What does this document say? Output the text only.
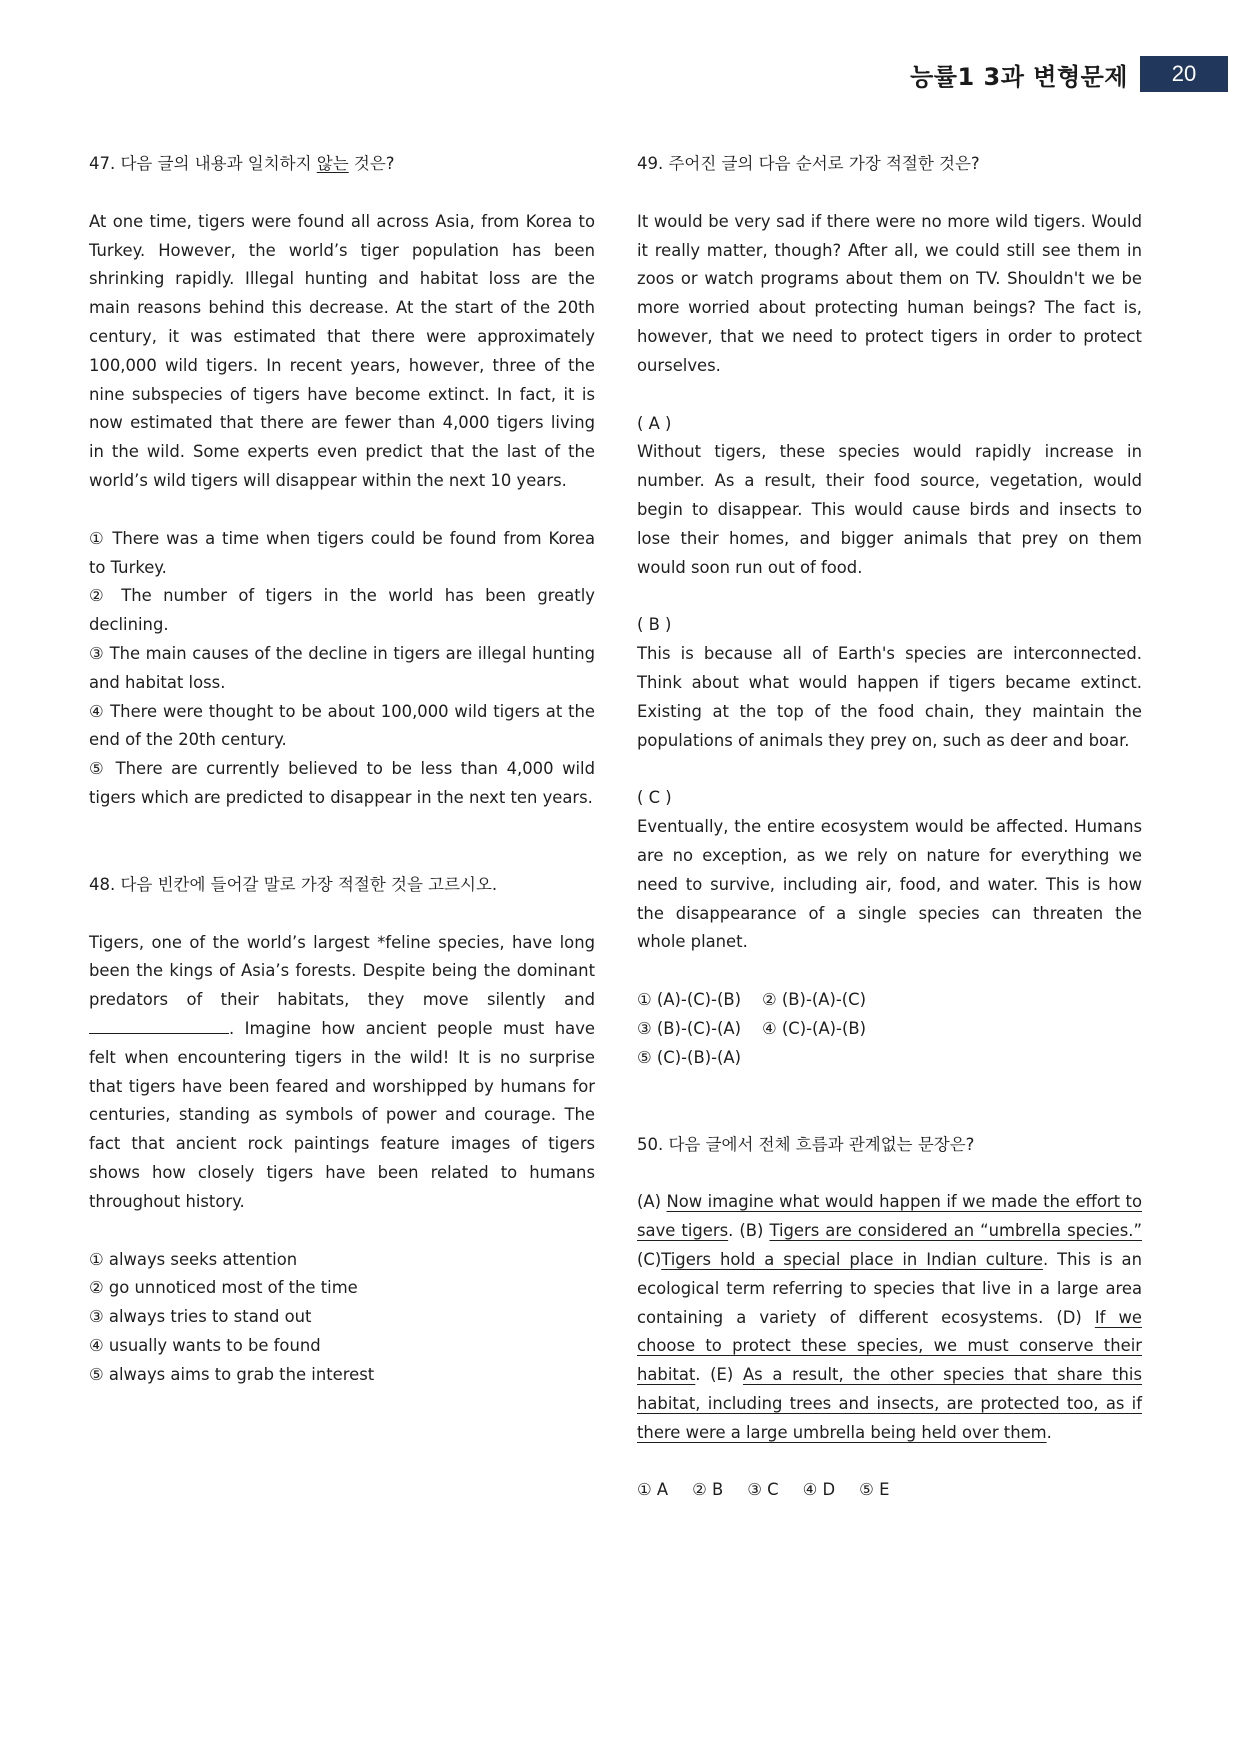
능률1 3과 변형문제	20

47. 다음 글의 내용과 일치하지 않는 것은?

At one time, tigers were found all across Asia, from Korea to Turkey. However, the world’s tiger population has been shrinking rapidly. Illegal hunting and habitat loss are the main reasons behind this decrease. At the start of the 20th century, it was estimated that there were approximately 100,000 wild tigers. In recent years, however, three of the nine subspecies of tigers have become extinct. In fact, it is now estimated that there are fewer than 4,000 tigers living in the wild. Some experts even predict that the last of the world’s wild tigers will disappear within the next 10 years.

① There was a time when tigers could be found from Korea to Turkey.

② The number of tigers in the world has been greatly declining.

③ The main causes of the decline in tigers are illegal hunting and habitat loss.

④ There were thought to be about 100,000 wild tigers at the end of the 20th century.

⑤ There are currently believed to be less than 4,000 wild tigers which are predicted to disappear in the next ten years.

48. 다음 빈칸에 들어갈 말로 가장 적절한 것을 고르시오.

Tigers, one of the world’s largest *feline species, have long been the kings of Asia’s forests. Despite being the dominant predators of their habitats, they move silently and. Imagine how ancient people must have felt when encountering tigers in the wild! It is no surprise that tigers have been feared and worshipped by humans for centuries, standing as symbols of power and courage. The fact that ancient rock paintings feature images of tigers shows how closely tigers have been related to humans throughout history.

① always seeks attention

② go unnoticed most of the time

③ always tries to stand out

④ usually wants to be found

⑤ always aims to grab the interest

49. 주어진 글의 다음 순서로 가장 적절한 것은?

It would be very sad if there were no more wild tigers. Would it really matter, though? After all, we could still see them in zoos or watch programs about them on TV. Shouldn't we be more worried about protecting human beings? The fact is, however, that we need to protect tigers in order to protect ourselves.

( A )

Without tigers, these species would rapidly increase in number. As a result, their food source, vegetation, would begin to disappear. This would cause birds and insects to lose their homes, and bigger animals that prey on them would soon run out of food.

( B )

This is because all of Earth's species are interconnected. Think about what would happen if tigers became extinct. Existing at the top of the food chain, they maintain the populations of animals they prey on, such as deer and boar.

( C )

Eventually, the entire ecosystem would be affected. Humans are no exception, as we rely on nature for everything we need to survive, including air, food, and water. This is how the disappearance of a single species can threaten the whole planet.

① (A)-(C)-(B)	② (B)-(A)-(C)
③ (B)-(C)-(A)	④ (C)-(A)-(B)
⑤ (C)-(B)-(A)

50. 다음 글에서 전체 흐름과 관계없는 문장은?

(A) Now imagine what would happen if we made the effort to save tigers. (B) Tigers are considered an “umbrella species.” (C)Tigers hold a special place in Indian culture. This is an ecological term referring to species that live in a large area containing a variety of different ecosystems. (D) If we choose to protect these species, we must conserve their habitat. (E) As a result, the other species that share this habitat, including trees and insects, are protected too, as if there were a large umbrella being held over them.

① A ② B ③ C ④ D ⑤ E
